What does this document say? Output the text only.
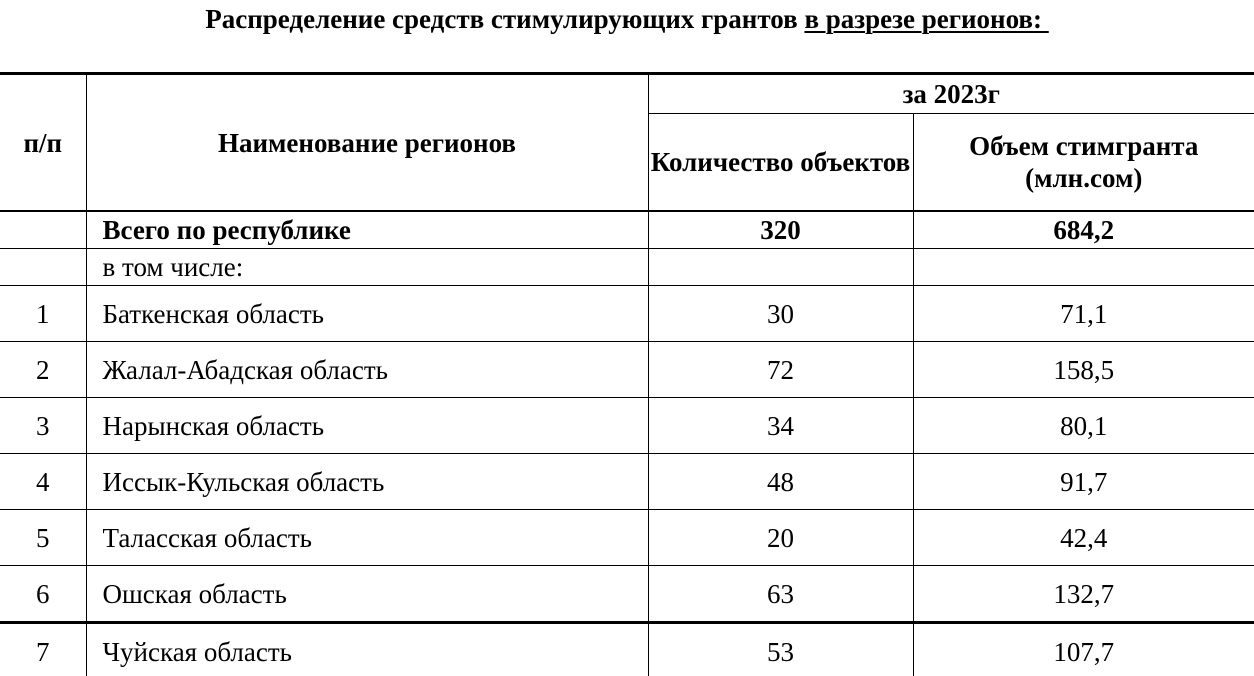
Распределение средств стимулирующих грантов в разрезе регионов:
п/п	Наименование регионов	за 2023г	
		Количество объектов	Объем стимгранта (млн.сом)
	Всего по республике	320	684,2
	в том числе:		
1	Баткенская область	30	71,1
2	Жалал-Абадская область	72	158,5
3	Нарынская область	34	80,1
4	Иссык-Кульская область	48	91,7
5	Таласская область	20	42,4
6	Ошская область	63	132,7
7	Чуйская область	53	107,7
